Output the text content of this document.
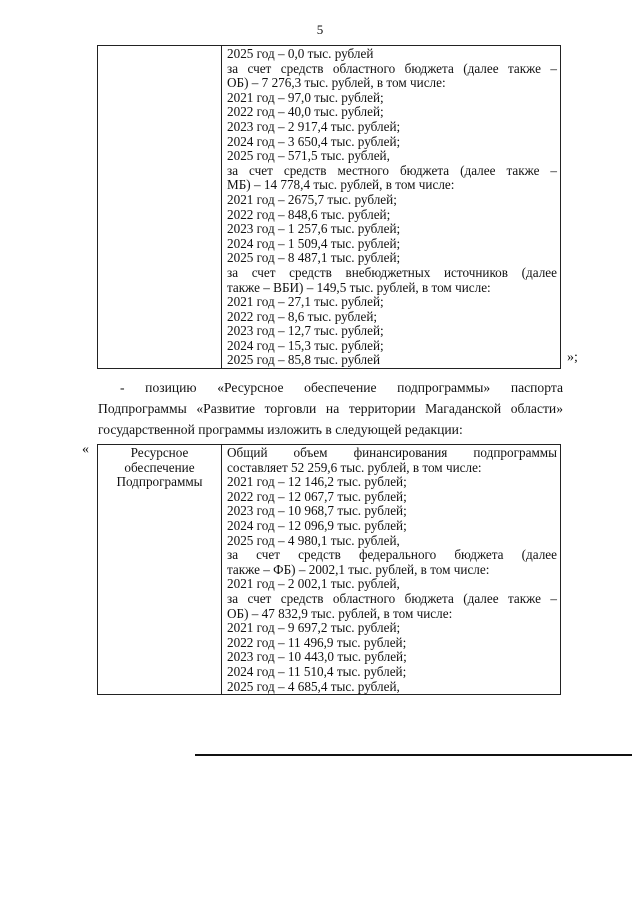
5

2025 год – 0,0 тыс. рублей
за счет средств областного бюджета (далее также –
ОБ) – 7 276,3 тыс. рублей, в том числе:
2021 год – 97,0 тыс. рублей;
2022 год – 40,0 тыс. рублей;
2023 год – 2 917,4 тыс. рублей;
2024 год – 3 650,4 тыс. рублей;
2025 год – 571,5 тыс. рублей,
за счет средств местного бюджета (далее также –
МБ) – 14 778,4 тыс. рублей, в том числе:
2021 год – 2675,7 тыс. рублей;
2022 год – 848,6 тыс. рублей;
2023 год – 1 257,6 тыс. рублей;
2024 год – 1 509,4 тыс. рублей;
2025 год – 8 487,1 тыс. рублей;
за счет средств внебюджетных источников (далее
также – ВБИ) – 149,5 тыс. рублей, в том числе:
2021 год – 27,1 тыс. рублей;
2022 год – 8,6 тыс. рублей;
2023 год – 12,7 тыс. рублей;
2024 год – 15,3 тыс. рублей;
2025 год – 85,8 тыс. рублей	»;
- позицию «Ресурсное обеспечение подпрограммы» паспорта
Подпрограммы «Развитие торговли на территории Магаданской области»
государственной программы изложить в следующей редакции:
«	Ресурсное
обеспечение
Подпрограммы

Общий объем финансирования подпрограммы
составляет 52 259,6 тыс. рублей, в том числе:
2021 год – 12 146,2 тыс. рублей;
2022 год – 12 067,7 тыс. рублей;
2023 год – 10 968,7 тыс. рублей;
2024 год – 12 096,9 тыс. рублей;
2025 год – 4 980,1 тыс. рублей,
за счет средств федерального бюджета (далее
также – ФБ) – 2002,1 тыс. рублей, в том числе:
2021 год – 2 002,1 тыс. рублей,
за счет средств областного бюджета (далее также –
ОБ) – 47 832,9 тыс. рублей, в том числе:
2021 год – 9 697,2 тыс. рублей;
2022 год – 11 496,9 тыс. рублей;
2023 год – 10 443,0 тыс. рублей;
2024 год – 11 510,4 тыс. рублей;
2025 год – 4 685,4 тыс. рублей,
